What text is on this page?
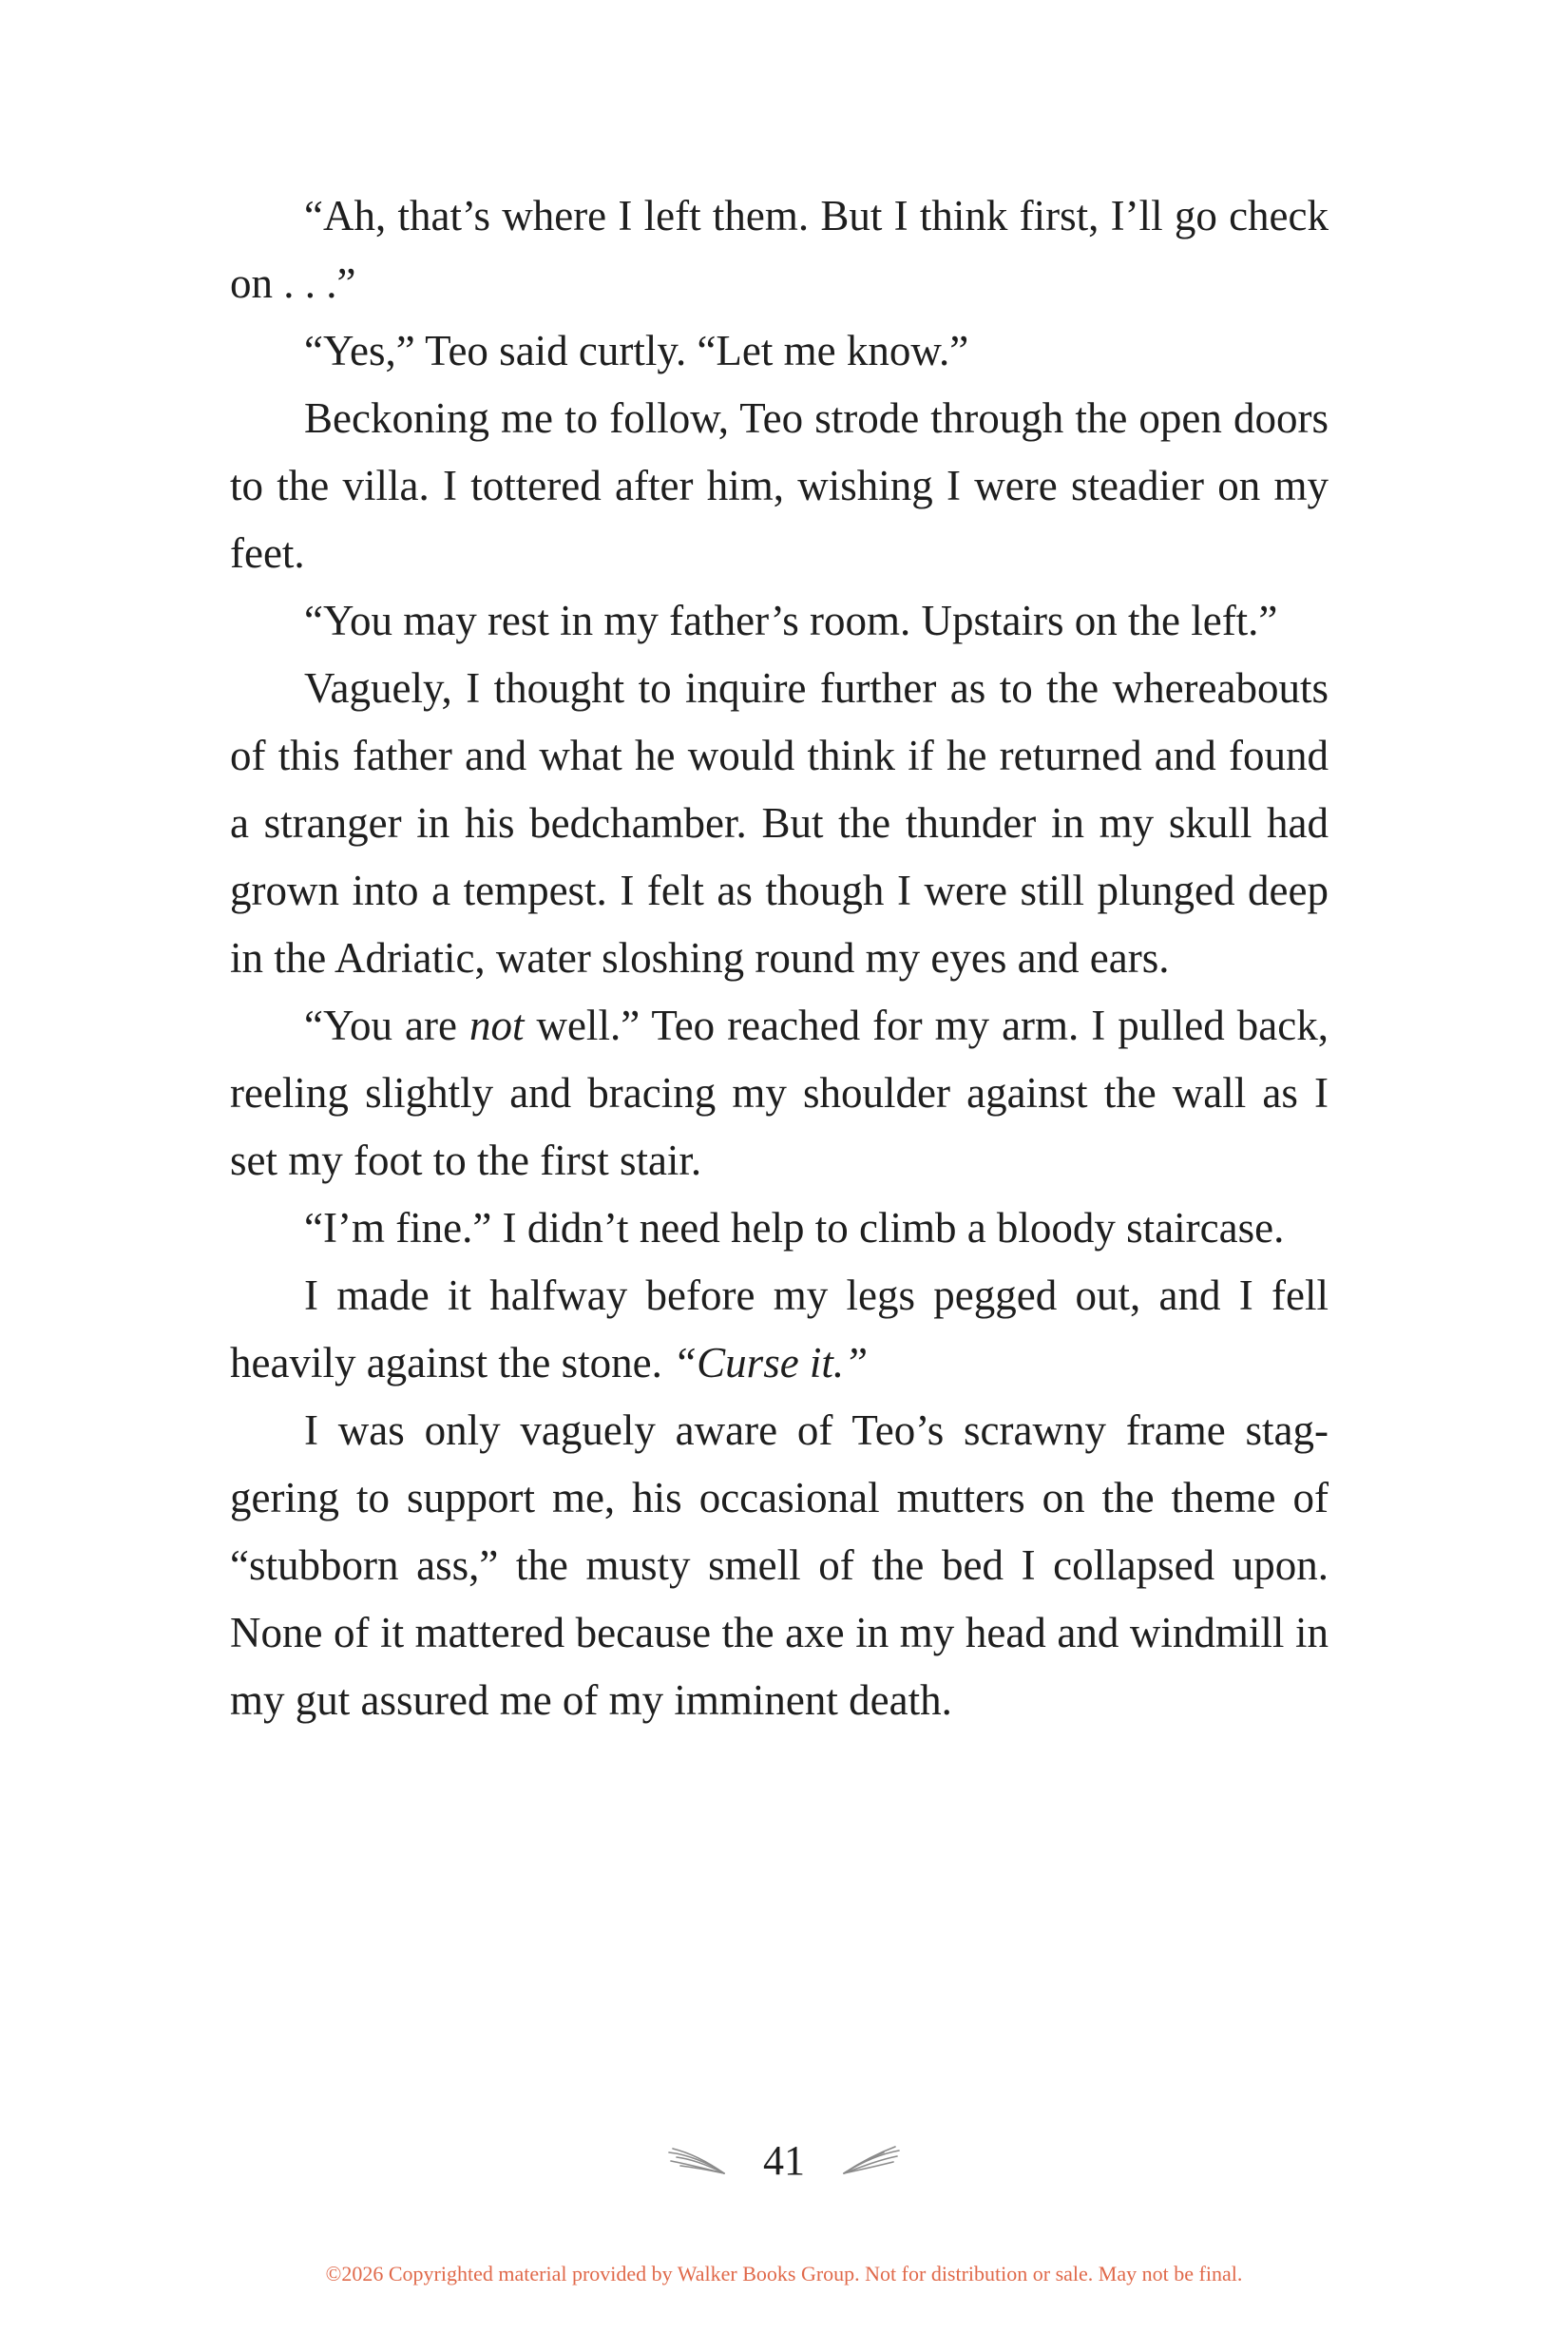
“Ah, that’s where I left them. But I think first, I’ll go check on . . .”

“Yes,” Teo said curtly. “Let me know.”

Beckoning me to follow, Teo strode through the open doors to the villa. I tottered after him, wishing I were steadier on my feet.

“You may rest in my father’s room. Upstairs on the left.”

Vaguely, I thought to inquire further as to the whereabouts of this father and what he would think if he returned and found a stranger in his bedchamber. But the thunder in my skull had grown into a tempest. I felt as though I were still plunged deep in the Adriatic, water sloshing round my eyes and ears.

“You are not well.” Teo reached for my arm. I pulled back, reeling slightly and bracing my shoulder against the wall as I set my foot to the first stair.

“I’m fine.” I didn’t need help to climb a bloody staircase.

I made it halfway before my legs pegged out, and I fell heavily against the stone. “Curse it.”

I was only vaguely aware of Teo’s scrawny frame staggering to support me, his occasional mutters on the theme of “stubborn ass,” the musty smell of the bed I collapsed upon. None of it mattered because the axe in my head and windmill in my gut assured me of my imminent death.

41
©2026 Copyrighted material provided by Walker Books Group. Not for distribution or sale. May not be final.
